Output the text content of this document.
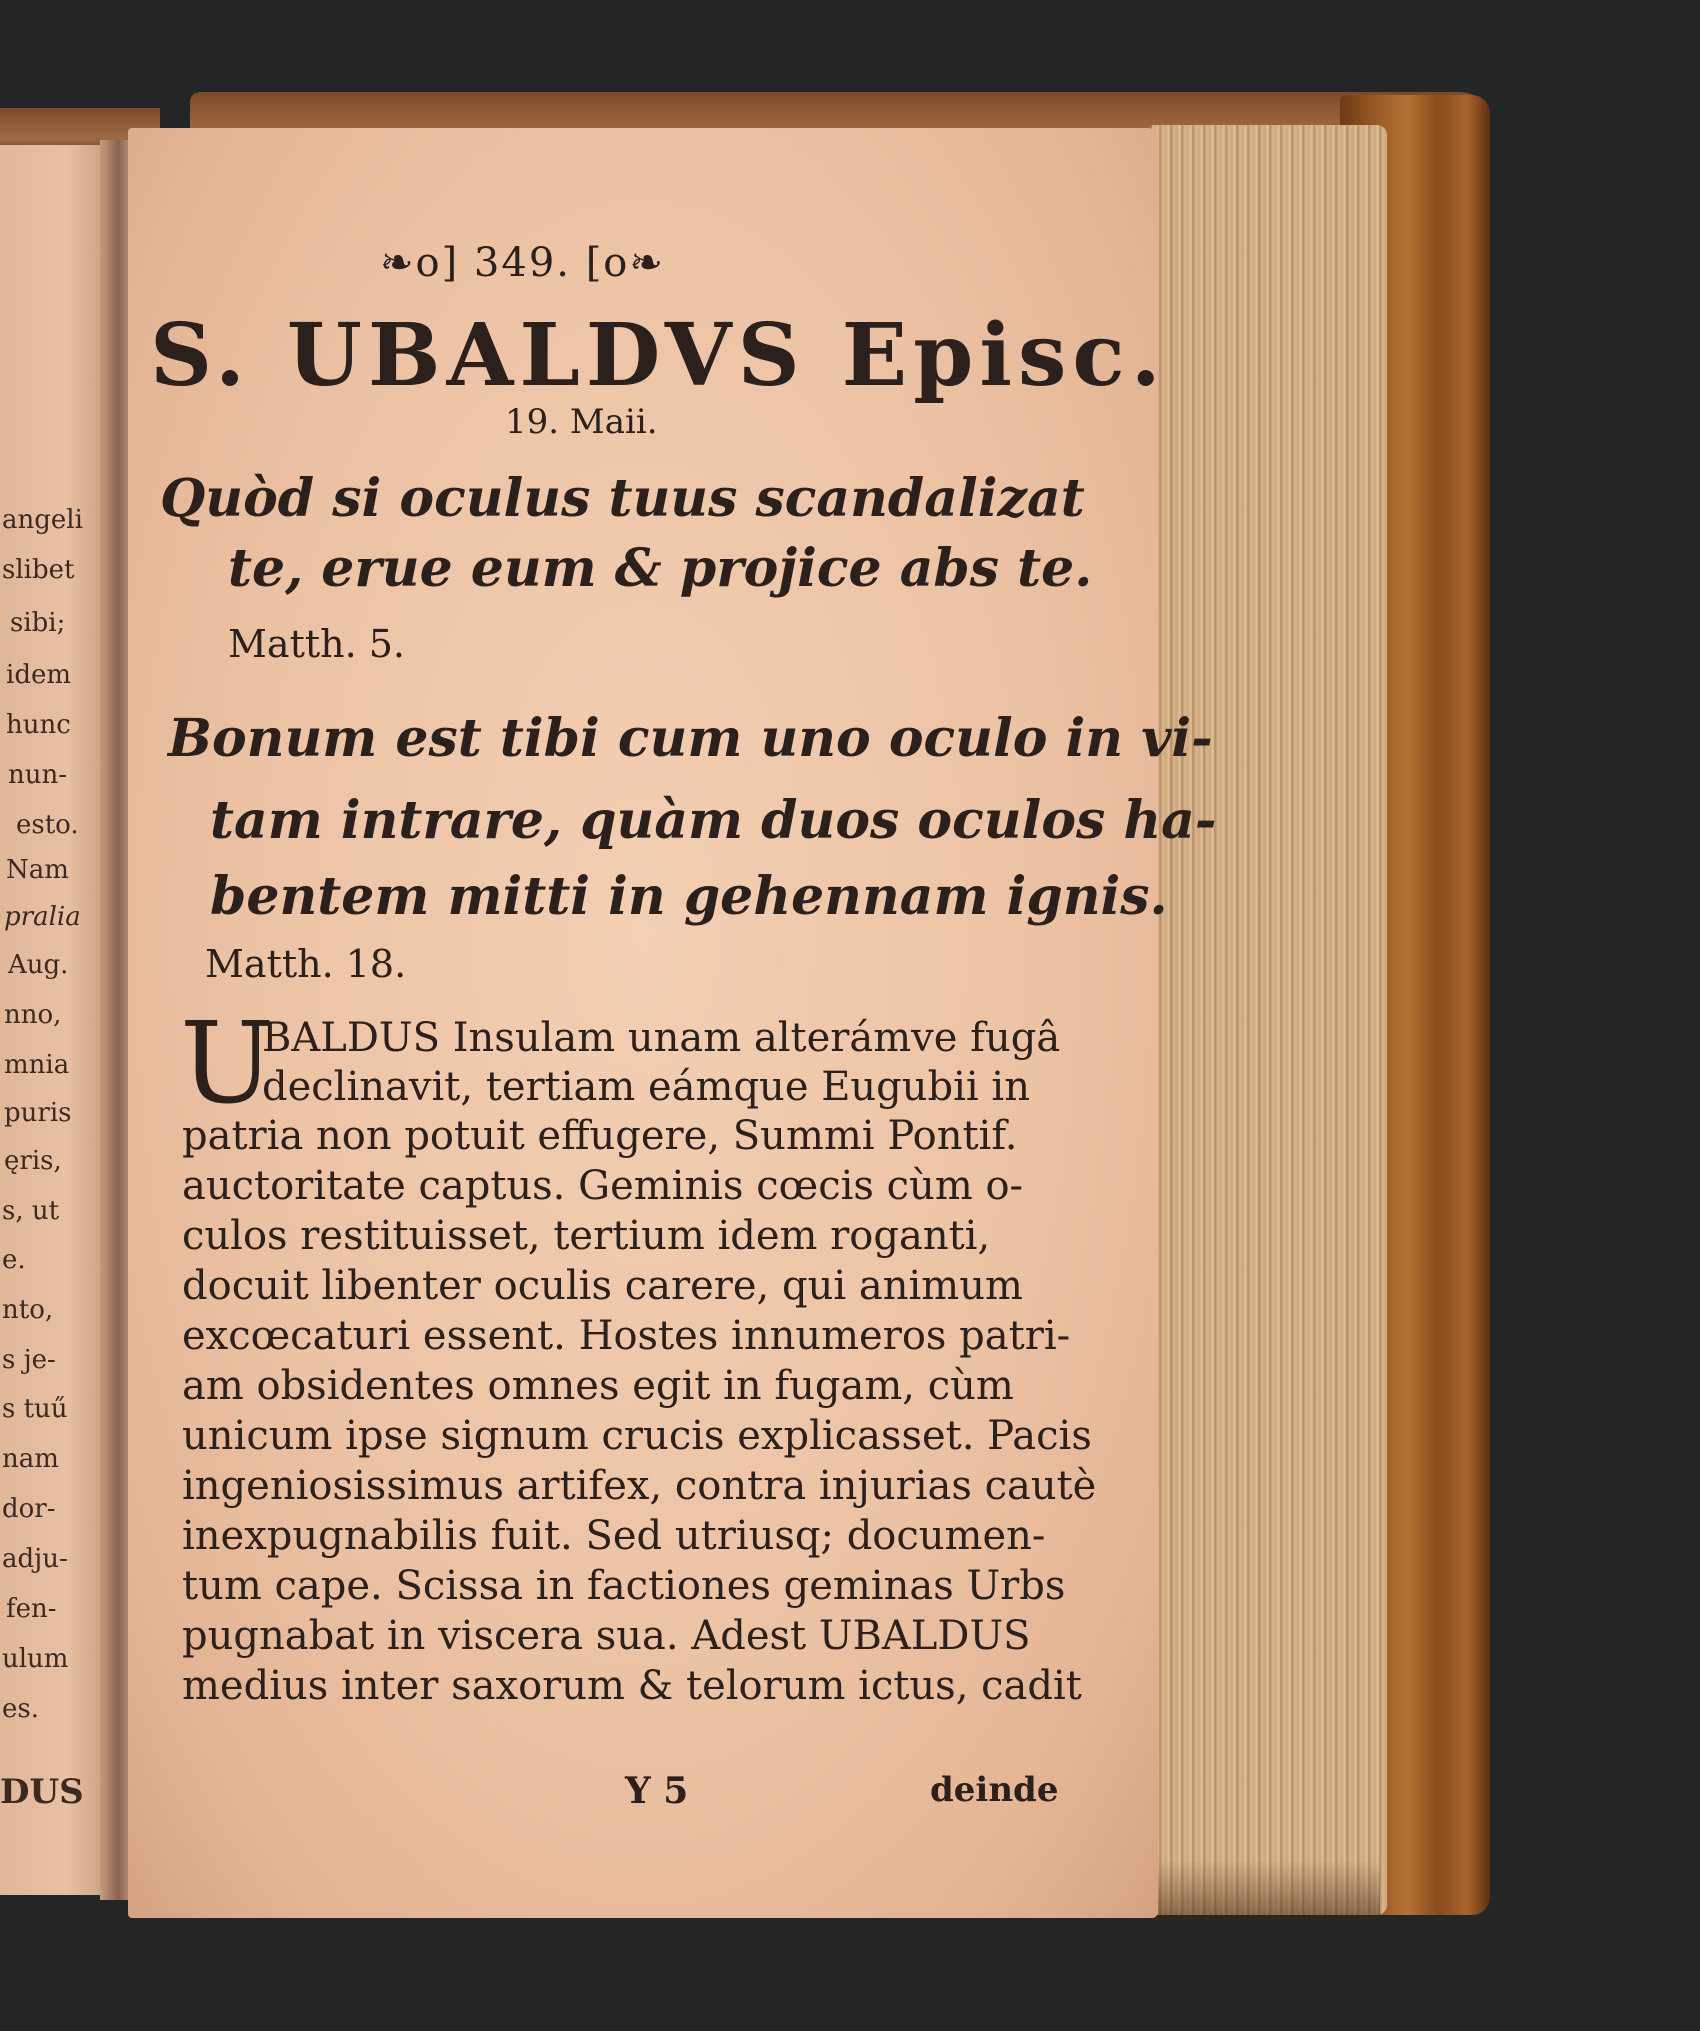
angeli
slibet
sibi;
idem
hunc
nun-
esto.
Nam
pralia
Aug.
nno,
mnia
puris
ęris,
s, ut
e.
nto,
s je-
s tuű
nam
dor-
adju-
fen-
ulum
es.
DUS
❧o] 349. [o❧
S. UBALDVS Episc.
19. Maii.
Quòd si oculus tuus scandalizat
te, erue eum & projice abs te.
Matth. 5.
Bonum est tibi cum uno oculo in vi-
tam intrare, quàm duos oculos ha-
bentem mitti in gehennam ignis.
Matth. 18.
U
BALDUS Insulam unam alterámve fugâ
declinavit, tertiam eámque Eugubii in
patria non potuit effugere, Summi Pontif.
auctoritate captus. Geminis cœcis cùm o-
culos restituisset, tertium idem roganti,
docuit libenter oculis carere, qui animum
excœcaturi essent. Hostes innumeros patri-
am obsidentes omnes egit in fugam, cùm
unicum ipse signum crucis explicasset. Pacis
ingeniosissimus artifex, contra injurias cautè
inexpugnabilis fuit. Sed utriusq; documen-
tum cape. Scissa in factiones geminas Urbs
pugnabat in viscera sua. Adest UBALDUS
medius inter saxorum & telorum ictus, cadit
Y 5	deinde
